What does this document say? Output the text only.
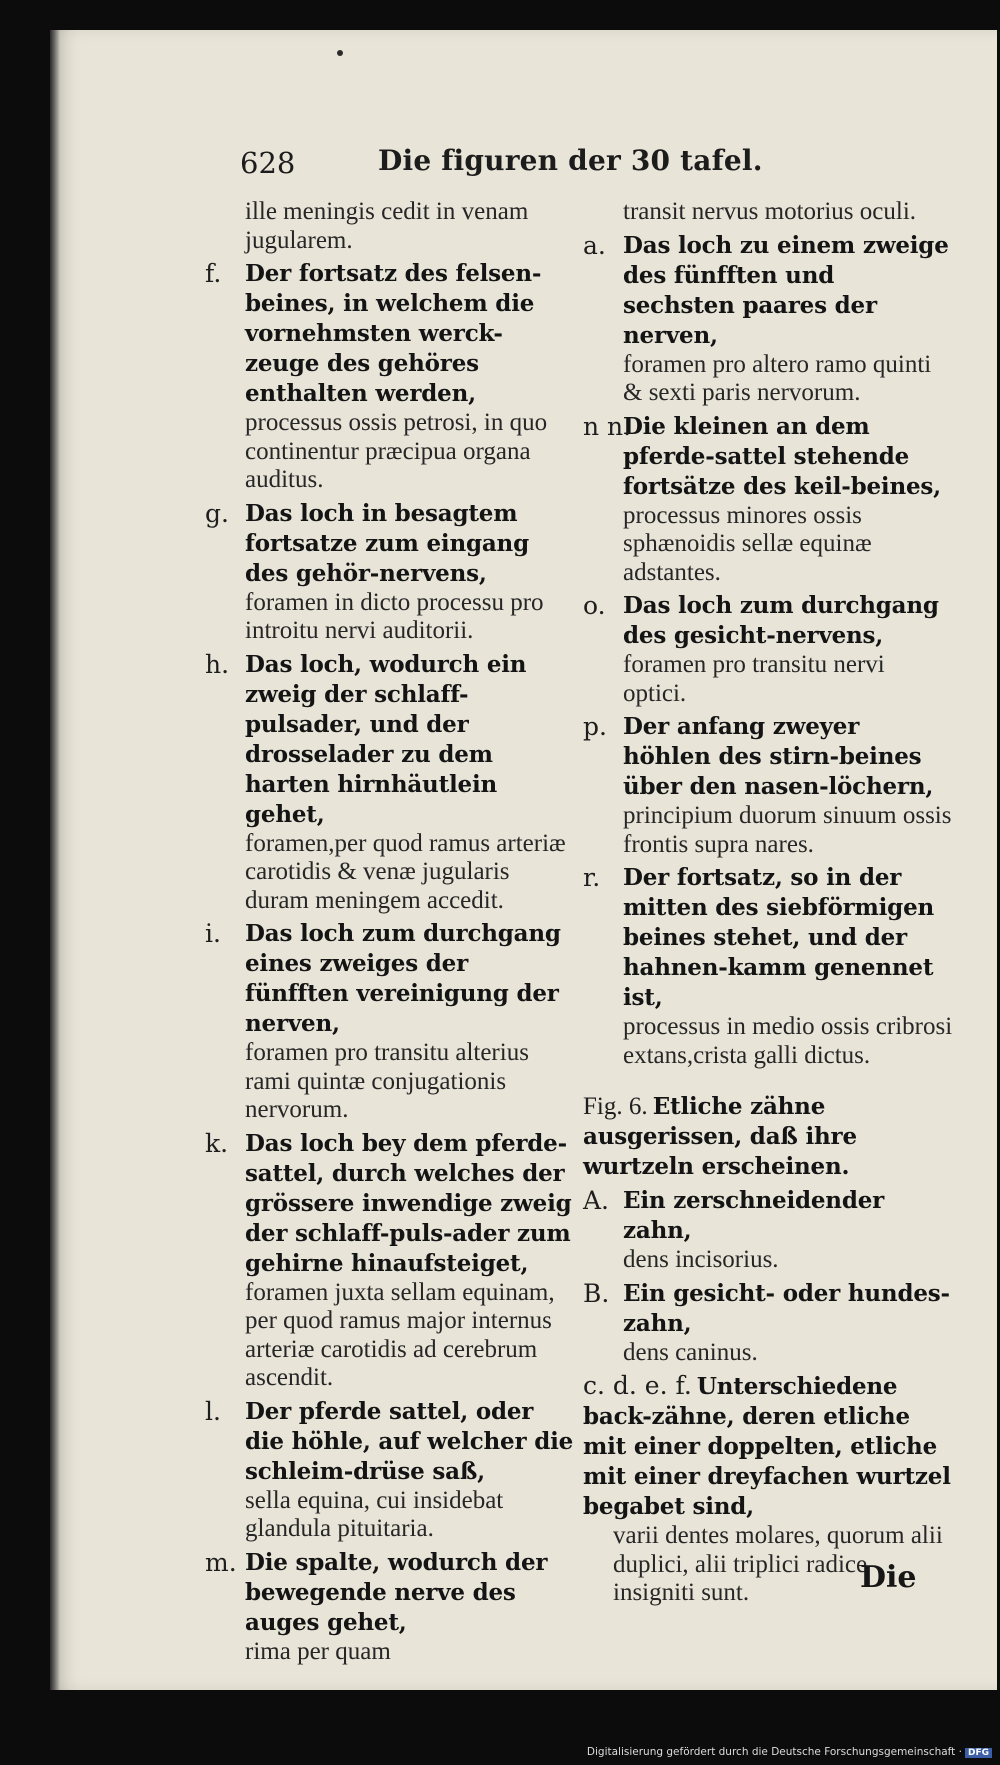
628	Die figuren der 30 tafel.
ille meningis cedit in venam jugularem.
f. Der fortsatz des felsen-beines, in welchem die vornehmsten werck-zeuge des gehöres enthalten werden,
processus ossis petrosi, in quo continentur præcipua organa auditus.
g. Das loch in besagtem fortsatze zum eingang des gehör-nervens,
foramen in dicto processu pro introitu nervi auditorii.
h. Das loch, wodurch ein zweig der schlaff-pulsader, und der drosselader zu dem harten hirnhäutlein gehet,
foramen,per quod ramus arteriæ carotidis & venæ jugularis duram meningem accedit.
i. Das loch zum durchgang eines zweiges der fünfften vereinigung der nerven,
foramen pro transitu alterius rami quintæ conjugationis nervorum.
k. Das loch bey dem pferde-sattel, durch welches der grössere inwendige zweig der schlaff-puls-ader zum gehirne hinaufsteiget,
foramen juxta sellam equinam, per quod ramus major internus arteriæ carotidis ad cerebrum ascendit.
l. Der pferde sattel, oder die höhle, auf welcher die schleim-drüse saß,
sella equina, cui insidebat glandula pituitaria.
m. Die spalte, wodurch der bewegende nerve des auges gehet,
rima per quam
transit nervus motorius oculi.
a. Das loch zu einem zweige des fünfften und sechsten paares der nerven,
foramen pro altero ramo quinti & sexti paris nervorum.
n n.
Die kleinen an dem pferde-sattel stehende fortsätze des keil-beines,
processus minores ossis sphænoidis sellæ equinæ adstantes.
o. Das loch zum durchgang des gesicht-nervens,
foramen pro transitu nervi optici.
p. Der anfang zweyer höhlen des stirn-beines über den nasen-löchern,
principium duorum sinuum ossis frontis supra nares.
r. Der fortsatz, so in der mitten des siebförmigen beines stehet, und der hahnen-kamm genennet ist,
processus in medio ossis cribrosi extans,crista galli dictus.
Fig. 6. Etliche zähne ausgerissen, daß ihre wurtzeln erscheinen.
A. Ein zerschneidender zahn,
dens incisorius.
B. Ein gesicht- oder hundes-zahn,
dens caninus.
c. d. e. f. Unterschiedene back-zähne, deren etliche mit einer doppelten, etliche mit einer dreyfachen wurtzel begabet sind,
varii dentes molares, quorum alii duplici, alii triplici radice insigniti sunt.	Die
Digitalisierung gefördert durch die Deutsche Forschungsgemeinschaft · DFG
